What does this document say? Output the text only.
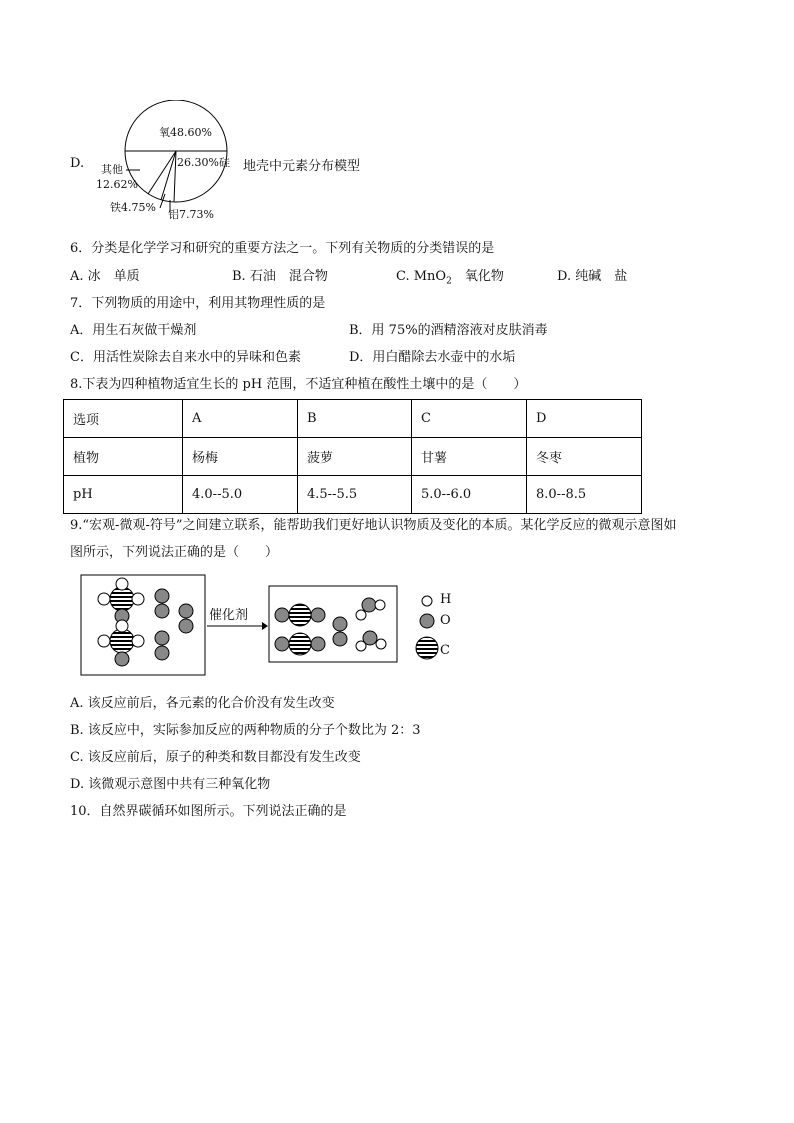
D.
氧48.60%
26.30%硅
铝7.73%
铁4.75%
其他
12.62%
地壳中元素分布模型
6．分类是化学学习和研究的重要方法之一。下列有关物质的分类错误的是
A. 冰　单质	B. 石油　混合物	C. MnO$_2$　氧化物	D. 纯碱　盐
7．下列物质的用途中，利用其物理性质的是
A．用生石灰做干燥剂	B．用 75%的酒精溶液对皮肤消毒
C．用活性炭除去自来水中的异味和色素	D．用白醋除去水壶中的水垢
8.下表为四种植物适宜生长的 pH 范围，不适宜种植在酸性土壤中的是（　　）
选项	A	B	C	D
植物	杨梅	菠萝	甘薯	冬枣
pH	4.0--5.0	4.5--5.5	5.0--6.0	8.0--8.5
9.“宏观-微观-符号”之间建立联系，能帮助我们更好地认识物质及变化的本质。某化学反应的微观示意图如
图所示，下列说法正确的是（　　）
催化剂
H
O
C
A. 该反应前后，各元素的化合价没有发生改变
B. 该反应中，实际参加反应的两种物质的分子个数比为 2：3
C. 该反应前后，原子的种类和数目都没有发生改变
D. 该微观示意图中共有三种氧化物
10．自然界碳循环如图所示。下列说法正确的是
